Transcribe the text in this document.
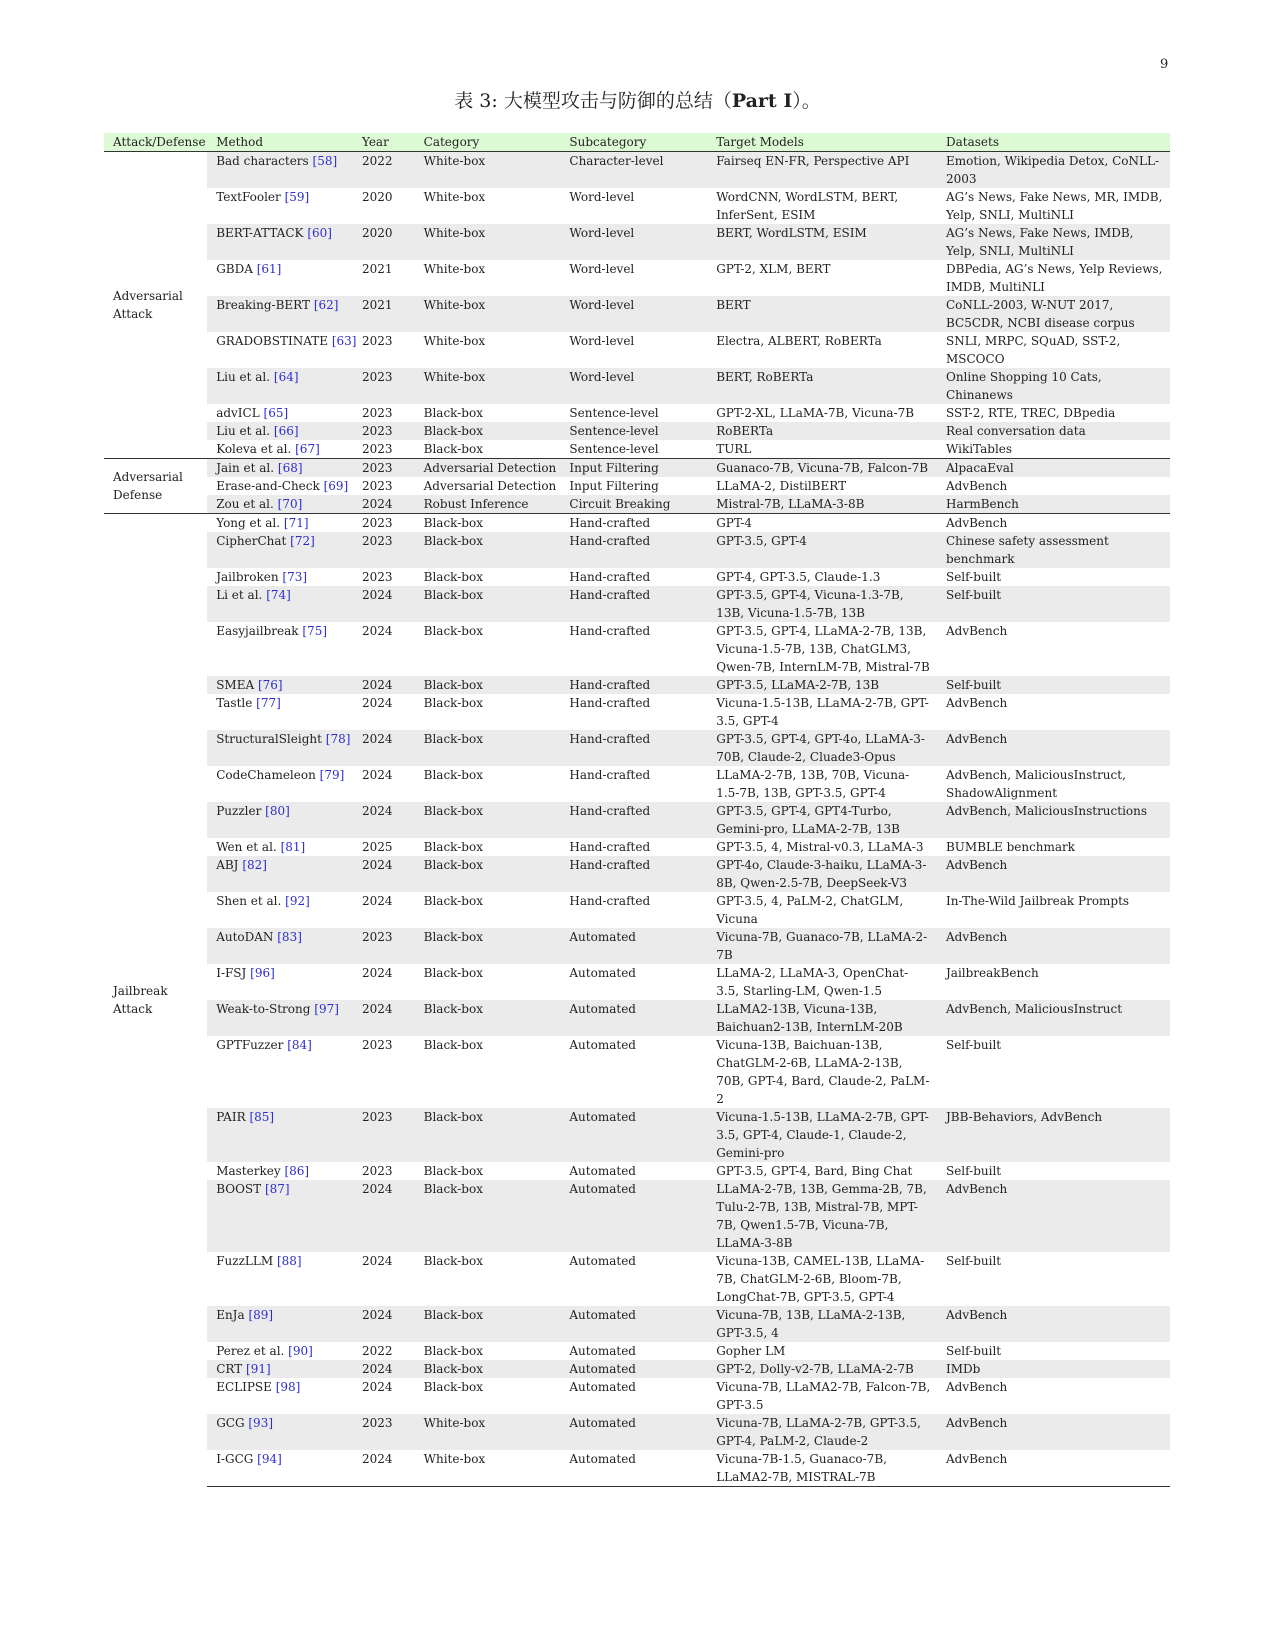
9
表 3: 大模型攻击与防御的总结（Part I）。
Attack/Defense	Method	Year	Category	Subcategory	Target Models	Datasets
Adversarial Attack	Bad characters [58]	2022	White-box	Character-level	Fairseq EN-FR, Perspective API	Emotion, Wikipedia Detox, CoNLL-2003
	TextFooler [59]	2020	White-box	Word-level	WordCNN, WordLSTM, BERT, InferSent, ESIM	AG’s News, Fake News, MR, IMDB, Yelp, SNLI, MultiNLI
	BERT-ATTACK [60]	2020	White-box	Word-level	BERT, WordLSTM, ESIM	AG’s News, Fake News, IMDB, Yelp, SNLI, MultiNLI
	GBDA [61]	2021	White-box	Word-level	GPT-2, XLM, BERT	DBPedia, AG’s News, Yelp Reviews, IMDB, MultiNLI
	Breaking-BERT [62]	2021	White-box	Word-level	BERT	CoNLL-2003, W-NUT 2017, BC5CDR, NCBI disease corpus
	GRADOBSTINATE [63]	2023	White-box	Word-level	Electra, ALBERT, RoBERTa	SNLI, MRPC, SQuAD, SST-2, MSCOCO
	Liu et al. [64]	2023	White-box	Word-level	BERT, RoBERTa	Online Shopping 10 Cats, Chinanews
	advICL [65]	2023	Black-box	Sentence-level	GPT-2-XL, LLaMA-7B, Vicuna-7B	SST-2, RTE, TREC, DBpedia
	Liu et al. [66]	2023	Black-box	Sentence-level	RoBERTa	Real conversation data
	Koleva et al. [67]	2023	Black-box	Sentence-level	TURL	WikiTables
Adversarial Defense	Jain et al. [68]	2023	Adversarial Detection	Input Filtering	Guanaco-7B, Vicuna-7B, Falcon-7B	AlpacaEval
	Erase-and-Check [69]	2023	Adversarial Detection	Input Filtering	LLaMA-2, DistilBERT	AdvBench
	Zou et al. [70]	2024	Robust Inference	Circuit Breaking	Mistral-7B, LLaMA-3-8B	HarmBench
Jailbreak Attack	Yong et al. [71]	2023	Black-box	Hand-crafted	GPT-4	AdvBench
	CipherChat [72]	2023	Black-box	Hand-crafted	GPT-3.5, GPT-4	Chinese safety assessment benchmark
	Jailbroken [73]	2023	Black-box	Hand-crafted	GPT-4, GPT-3.5, Claude-1.3	Self-built
	Li et al. [74]	2024	Black-box	Hand-crafted	GPT-3.5, GPT-4, Vicuna-1.3-7B, 13B, Vicuna-1.5-7B, 13B	Self-built
	Easyjailbreak [75]	2024	Black-box	Hand-crafted	GPT-3.5, GPT-4, LLaMA-2-7B, 13B, Vicuna-1.5-7B, 13B, ChatGLM3, Qwen-7B, InternLM-7B, Mistral-7B	AdvBench
	SMEA [76]	2024	Black-box	Hand-crafted	GPT-3.5, LLaMA-2-7B, 13B	Self-built
	Tastle [77]	2024	Black-box	Hand-crafted	Vicuna-1.5-13B, LLaMA-2-7B, GPT-3.5, GPT-4	AdvBench
	StructuralSleight [78]	2024	Black-box	Hand-crafted	GPT-3.5, GPT-4, GPT-4o, LLaMA-3-70B, Claude-2, Cluade3-Opus	AdvBench
	CodeChameleon [79]	2024	Black-box	Hand-crafted	LLaMA-2-7B, 13B, 70B, Vicuna-1.5-7B, 13B, GPT-3.5, GPT-4	AdvBench, MaliciousInstruct, ShadowAlignment
	Puzzler [80]	2024	Black-box	Hand-crafted	GPT-3.5, GPT-4, GPT4-Turbo, Gemini-pro, LLaMA-2-7B, 13B	AdvBench, MaliciousInstructions
	Wen et al. [81]	2025	Black-box	Hand-crafted	GPT-3.5, 4, Mistral-v0.3, LLaMA-3	BUMBLE benchmark
	ABJ [82]	2024	Black-box	Hand-crafted	GPT-4o, Claude-3-haiku, LLaMA-3-8B, Qwen-2.5-7B, DeepSeek-V3	AdvBench
	Shen et al. [92]	2024	Black-box	Hand-crafted	GPT-3.5, 4, PaLM-2, ChatGLM, Vicuna	In-The-Wild Jailbreak Prompts
	AutoDAN [83]	2023	Black-box	Automated	Vicuna-7B, Guanaco-7B, LLaMA-2-7B	AdvBench
	I-FSJ [96]	2024	Black-box	Automated	LLaMA-2, LLaMA-3, OpenChat-3.5, Starling-LM, Qwen-1.5	JailbreakBench
	Weak-to-Strong [97]	2024	Black-box	Automated	LLaMA2-13B, Vicuna-13B, Baichuan2-13B, InternLM-20B	AdvBench, MaliciousInstruct
	GPTFuzzer [84]	2023	Black-box	Automated	Vicuna-13B, Baichuan-13B, ChatGLM-2-6B, LLaMA-2-13B, 70B, GPT-4, Bard, Claude-2, PaLM-2	Self-built
	PAIR [85]	2023	Black-box	Automated	Vicuna-1.5-13B, LLaMA-2-7B, GPT-3.5, GPT-4, Claude-1, Claude-2, Gemini-pro	JBB-Behaviors, AdvBench
	Masterkey [86]	2023	Black-box	Automated	GPT-3.5, GPT-4, Bard, Bing Chat	Self-built
	BOOST [87]	2024	Black-box	Automated	LLaMA-2-7B, 13B, Gemma-2B, 7B, Tulu-2-7B, 13B, Mistral-7B, MPT-7B, Qwen1.5-7B, Vicuna-7B, LLaMA-3-8B	AdvBench
	FuzzLLM [88]	2024	Black-box	Automated	Vicuna-13B, CAMEL-13B, LLaMA-7B, ChatGLM-2-6B, Bloom-7B, LongChat-7B, GPT-3.5, GPT-4	Self-built
	EnJa [89]	2024	Black-box	Automated	Vicuna-7B, 13B, LLaMA-2-13B, GPT-3.5, 4	AdvBench
	Perez et al. [90]	2022	Black-box	Automated	Gopher LM	Self-built
	CRT [91]	2024	Black-box	Automated	GPT-2, Dolly-v2-7B, LLaMA-2-7B	IMDb
	ECLIPSE [98]	2024	Black-box	Automated	Vicuna-7B, LLaMA2-7B, Falcon-7B, GPT-3.5	AdvBench
	GCG [93]	2023	White-box	Automated	Vicuna-7B, LLaMA-2-7B, GPT-3.5, GPT-4, PaLM-2, Claude-2	AdvBench
	I-GCG [94]	2024	White-box	Automated	Vicuna-7B-1.5, Guanaco-7B, LLaMA2-7B, MISTRAL-7B	AdvBench
